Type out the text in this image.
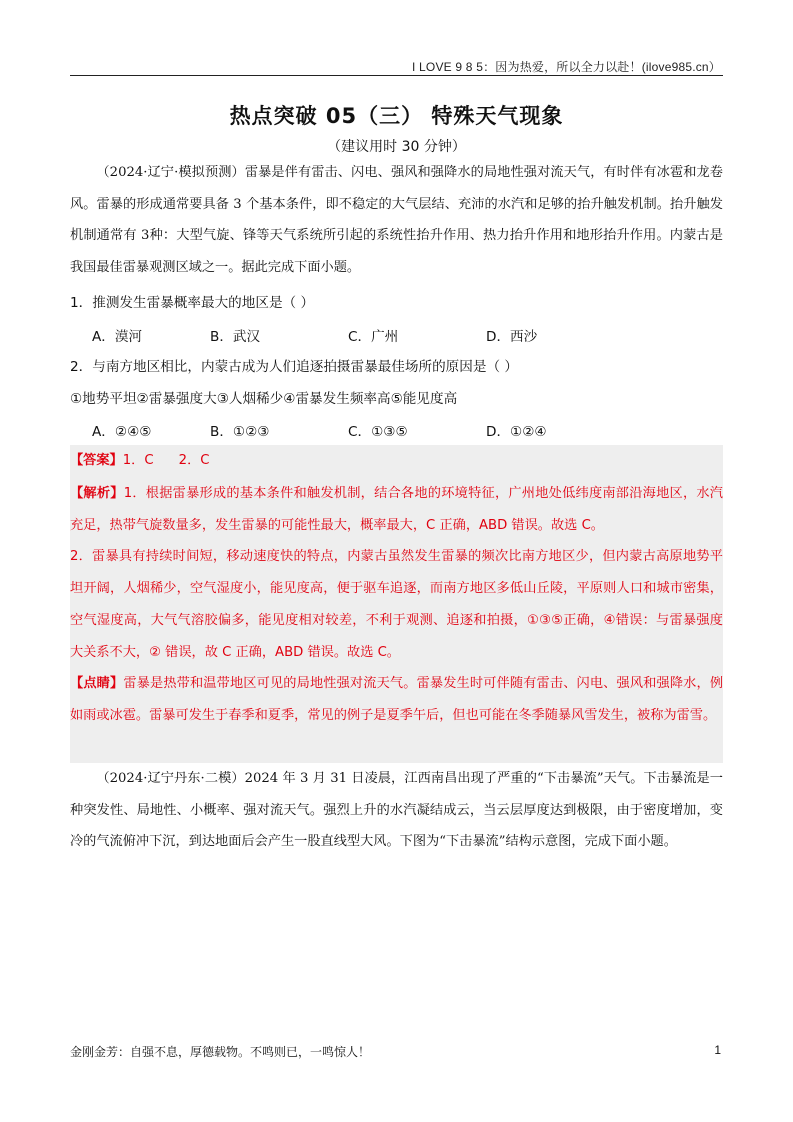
I LOVE 9 8 5：因为热爱，所以全力以赴！(ilove985.cn）
热点突破 05（三） 特殊天气现象
（建议用时 30 分钟）

（2024·辽宁·模拟预测）雷暴是伴有雷击、闪电、强风和强降水的局地性强对流天气，有时伴有冰雹和龙卷风。雷暴的形成通常要具备 3 个基本条件，即不稳定的大气层结、充沛的水汽和足够的抬升触发机制。抬升触发机制通常有 3种：大型气旋、锋等天气系统所引起的系统性抬升作用、热力抬升作用和地形抬升作用。内蒙古是我国最佳雷暴观测区域之一。据此完成下面小题。

1．推测发生雷暴概率最大的地区是（ ）

A．漠河	B．武汉	C．广州	D．西沙

2．与南方地区相比，内蒙古成为人们追逐拍摄雷暴最佳场所的原因是（ ）

①地势平坦②雷暴强度大③人烟稀少④雷暴发生频率高⑤能见度高

A．②④⑤	B．①②③	C．①③⑤	D．①②④

【答案】1．C      2．C

【解析】1．根据雷暴形成的基本条件和触发机制，结合各地的环境特征，广州地处低纬度南部沿海地区，水汽充足，热带气旋数量多，发生雷暴的可能性最大，概率最大，C 正确，ABD 错误。故选 C。

2．雷暴具有持续时间短，移动速度快的特点，内蒙古虽然发生雷暴的频次比南方地区少，但内蒙古高原地势平坦开阔，人烟稀少，空气湿度小，能见度高，便于驱车追逐，而南方地区多低山丘陵，平原则人口和城市密集，空气湿度高，大气气溶胶偏多，能见度相对较差，不利于观测、追逐和拍摄，①③⑤正确，④错误：与雷暴强度大关系不大，② 错误，故 C 正确，ABD 错误。故选 C。

【点睛】雷暴是热带和温带地区可见的局地性强对流天气。雷暴发生时可伴随有雷击、闪电、强风和强降水，例如雨或冰雹。雷暴可发生于春季和夏季，常见的例子是夏季午后，但也可能在冬季随暴风雪发生，被称为雷雪。

（2024·辽宁丹东·二模）2024 年 3 月 31 日凌晨，江西南昌出现了严重的“下击暴流”天气。下击暴流是一种突发性、局地性、小概率、强对流天气。强烈上升的水汽凝结成云，当云层厚度达到极限，由于密度增加，变冷的气流俯冲下沉，到达地面后会产生一股直线型大风。下图为“下击暴流”结构示意图，完成下面小题。

金刚金芳：自强不息，厚德载物。不鸣则已，一鸣惊人！	1
